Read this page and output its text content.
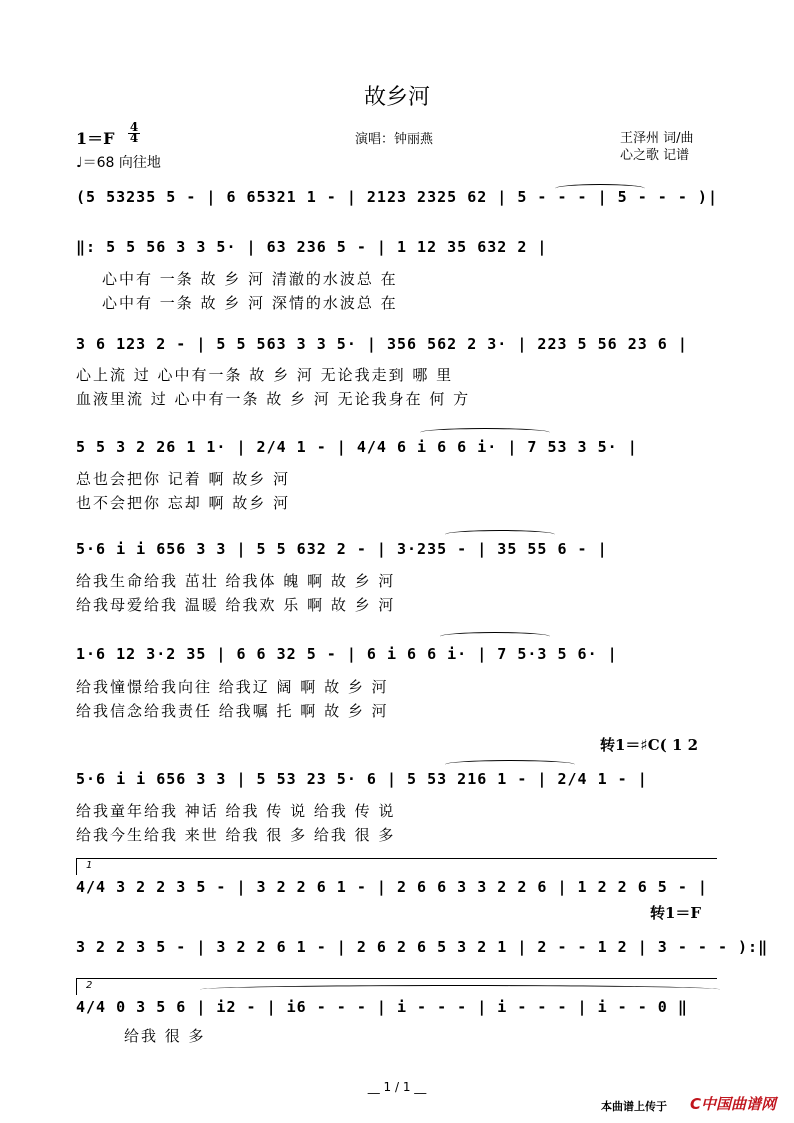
故乡河
1＝F
4
4
♩＝68 向往地
演唱：钟丽燕	王泽州 词/曲
心之歌 记谱
(5 53235 5 - | 6 65321 1 - | 2123 2325 62 | 5 - - - | 5 - - - )|
‖: 5 5 56 3 3 5· | 63 236 5 - | 1 12 35 632 2 |
心中有 一条 故 乡 河 清澈的水波总 在
心中有 一条 故 乡 河 深情的水波总 在
3 6 123 2 - | 5 5 563 3 3 5· | 356 562 2 3· | 223 5 56 23 6 |
心上流 过 心中有一条 故 乡 河 无论我走到 哪 里
血液里流 过 心中有一条 故 乡 河 无论我身在 何 方
5 5 3 2 26 1 1· | 2/4 1 - | 4/4 6 i 6 6 i· | 7 53 3 5· |
总也会把你 记着 啊 故乡 河
也不会把你 忘却 啊 故乡 河
5·6 i i 656 3 3 | 5 5 632 2 - | 3·235 - | 35 55 6 - |
给我生命给我 茁壮 给我体 魄 啊 故 乡 河
给我母爱给我 温暖 给我欢 乐 啊 故 乡 河
1·6 12 3·2 35 | 6 6 32 5 - | 6 i 6 6 i· | 7 5·3 5 6· |
给我憧憬给我向往 给我辽 阔 啊 故 乡 河
给我信念给我责任 给我嘱 托 啊 故 乡 河
转1＝♯C( 1 2
5·6 i i 656 3 3 | 5 53 23 5· 6 | 5 53 216 1 - | 2/4 1 - |
给我童年给我 神话 给我 传 说 给我 传 说
给我今生给我 来世 给我 很 多 给我 很 多
1
4/4 3 2 2 3 5 - | 3 2 2 6 1 - | 2 6 6 3 3 2 2 6 | 1 2 2 6 5 - |
转1＝F
3 2 2 3 5 - | 3 2 2 6 1 - | 2 6 2 6 5 3 2 1 | 2 - - 1 2 | 3 - - - ):‖
2
4/4 0 3 5 6 | i2 - | i6 - - - | i - - - | i - - - | i - - 0 ‖
给我 很 多
__ 1 / 1 __
本曲谱上传于 C中国曲谱网
